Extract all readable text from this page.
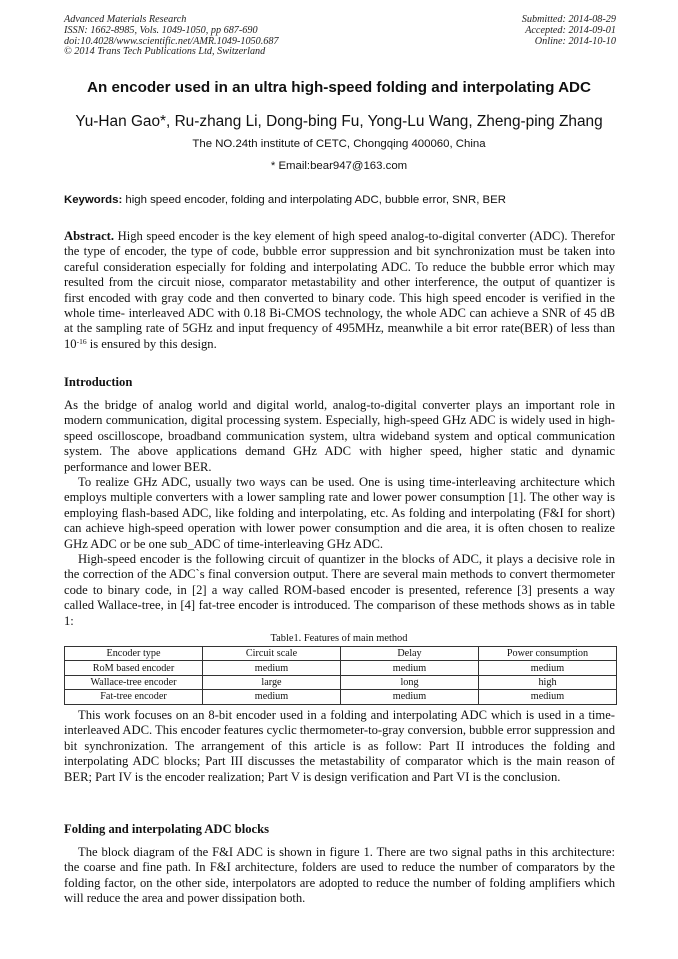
Advanced Materials Research
ISSN: 1662-8985, Vols. 1049-1050, pp 687-690
doi:10.4028/www.scientific.net/AMR.1049-1050.687
© 2014 Trans Tech Publications Ltd, Switzerland
Submitted: 2014-08-29
Accepted: 2014-09-01
Online: 2014-10-10
An encoder used in an ultra high-speed folding and interpolating ADC
Yu-Han Gao*, Ru-zhang Li, Dong-bing Fu, Yong-Lu Wang, Zheng-ping Zhang
The NO.24th institute of CETC, Chongqing 400060, China
* Email:bear947@163.com
Keywords: high speed encoder, folding and interpolating ADC, bubble error, SNR, BER
Abstract. High speed encoder is the key element of high speed analog-to-digital converter (ADC). Therefor the type of encoder, the type of code, bubble error suppression and bit synchronization must be taken into careful consideration especially for folding and interpolating ADC. To reduce the bubble error which may resulted from the circuit niose, comparator metastability and other interference, the output of quantizer is first encoded with gray code and then converted to binary code. This high speed encoder is verified in the whole time- interleaved ADC with 0.18 Bi-CMOS technology, the whole ADC can achieve a SNR of 45 dB at the sampling rate of 5GHz and input frequency of 495MHz, meanwhile a bit error rate(BER) of less than $10^{-16}$ is ensured by this design.
Introduction
As the bridge of analog world and digital world, analog-to-digital converter plays an important role in modern communication, digital processing system. Especially, high-speed GHz ADC is widely used in high-speed oscilloscope, broadband communication system, ultra wideband system and optical communication system. The above applications demand GHz ADC with higher speed, higher static and dynamic performance and lower BER.
To realize GHz ADC, usually two ways can be used. One is using time-interleaving architecture which employs multiple converters with a lower sampling rate and lower power consumption [1]. The other way is employing flash-based ADC, like folding and interpolating, etc. As folding and interpolating (F&I for short) can achieve high-speed operation with lower power consumption and die area, it is often chosen to realize GHz ADC or be one sub_ADC of time-interleaving GHz ADC.
High-speed encoder is the following circuit of quantizer in the blocks of ADC, it plays a decisive role in the correction of the ADC`s final conversion output. There are several main methods to convert thermometer code to binary code, in [2] a way called ROM-based encoder is presented, reference [3] presents a way called Wallace-tree, in [4] fat-tree encoder is introduced. The comparison of these methods shows as in table 1:
Table1. Features of main method
Encoder type	Circuit scale	Delay	Power consumption
RoM based encoder	medium	medium	medium
Wallace-tree encoder	large	long	high
Fat-tree encoder	medium	medium	medium
This work focuses on an 8-bit encoder used in a folding and interpolating ADC which is used in a time-interleaved ADC. This encoder features cyclic thermometer-to-gray conversion, bubble error suppression and bit synchronization. The arrangement of this article is as follow: Part II introduces the folding and interpolating ADC blocks; Part III discusses the metastability of comparator which is the main reason of BER; Part IV is the encoder realization; Part V is design verification and Part VI is the conclusion.
Folding and interpolating ADC blocks
The block diagram of the F&I ADC is shown in figure 1. There are two signal paths in this architecture: the coarse and fine path. In F&I architecture, folders are used to reduce the number of comparators by the folding factor, on the other side, interpolators are adopted to reduce the number of folding amplifiers which will reduce the area and power dissipation both.
